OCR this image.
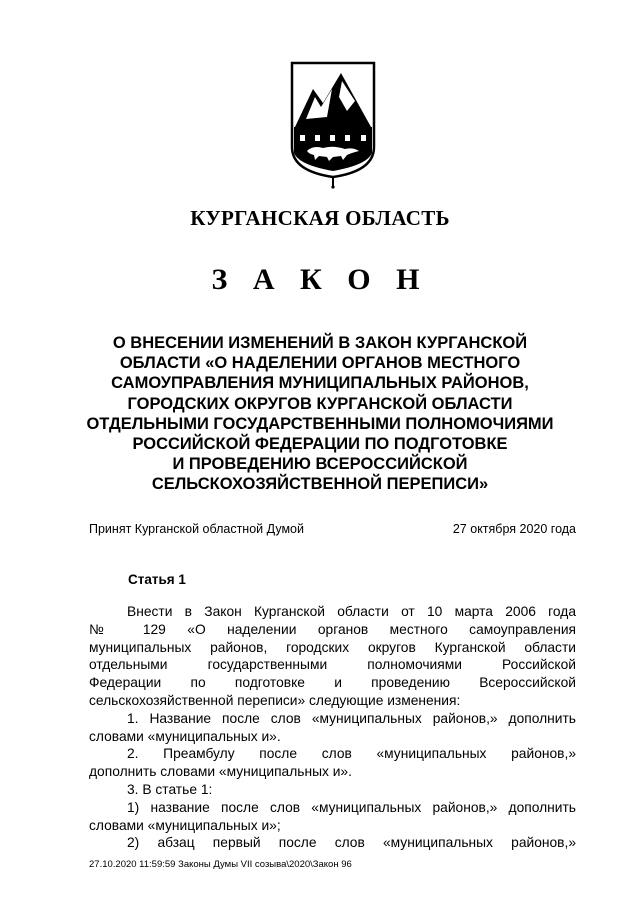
КУРГАНСКАЯ ОБЛАСТЬ
З А К О Н
О ВНЕСЕНИИ ИЗМЕНЕНИЙ В ЗАКОН КУРГАНСКОЙ
ОБЛАСТИ «О НАДЕЛЕНИИ ОРГАНОВ МЕСТНОГО
САМОУПРАВЛЕНИЯ МУНИЦИПАЛЬНЫХ РАЙОНОВ,
ГОРОДСКИХ ОКРУГОВ КУРГАНСКОЙ ОБЛАСТИ
ОТДЕЛЬНЫМИ ГОСУДАРСТВЕННЫМИ ПОЛНОМОЧИЯМИ
РОССИЙСКОЙ ФЕДЕРАЦИИ ПО ПОДГОТОВКЕ
И ПРОВЕДЕНИЮ ВСЕРОССИЙСКОЙ
СЕЛЬСКОХОЗЯЙСТВЕННОЙ ПЕРЕПИСИ»
Принят Курганской областной Думой	27 октября 2020 года
Статья 1
Внести в Закон Курганской области от 10 марта 2006 года
№ 129 «О наделении органов местного самоуправления
муниципальных районов, городских округов Курганской области
отдельными государственными полномочиями Российской
Федерации по подготовке и проведению Всероссийской
сельскохозяйственной переписи» следующие изменения:
1. Название после слов «муниципальных районов,» дополнить
словами «муниципальных и».
2. Преамбулу после слов «муниципальных районов,»
дополнить словами «муниципальных и».
3. В статье 1:
1) название после слов «муниципальных районов,» дополнить
словами «муниципальных и»;
2) абзац первый после слов «муниципальных районов,»
27.10.2020 11:59:59 Законы Думы VII созыва\2020\Закон 96
